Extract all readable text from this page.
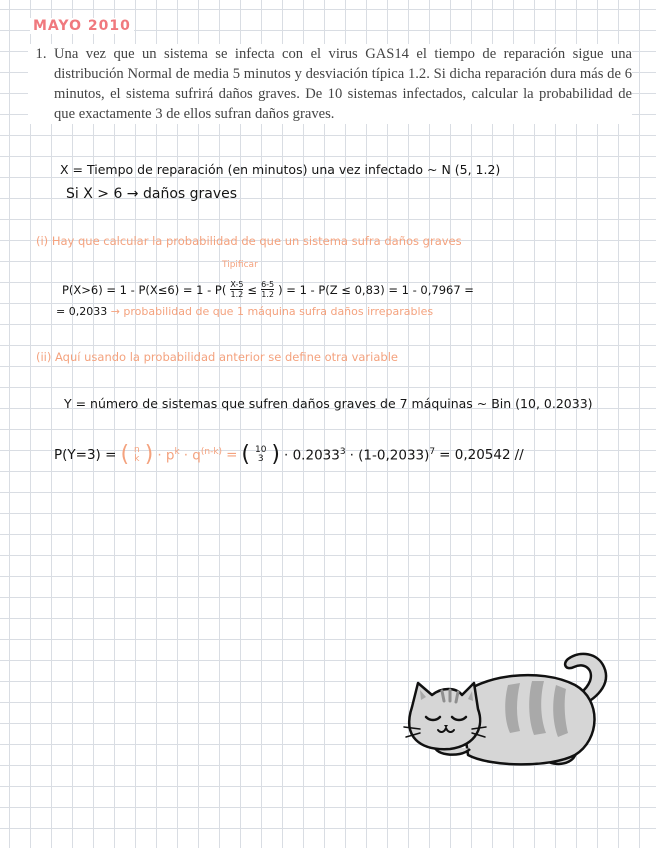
MAYO 2010
1. Una vez que un sistema se infecta con el virus GAS14 el tiempo de reparación sigue una distribución Normal de media 5 minutos y desviación típica 1.2. Si dicha reparación dura más de 6 minutos, el sistema sufrirá daños graves. De 10 sistemas infectados, calcular la probabilidad de que exactamente 3 de ellos sufran daños graves.
X = Tiempo de reparación (en minutos) una vez infectado ~ N (5, 1.2)
Si X > 6 → daños graves
(i) Hay que calcular la probabilidad de que un sistema sufra daños graves
Tipificar
$P(X>6) = 1 - P(X\le 6) = 1 - P( \frac{X-5}{1.2} \le \frac{6-5}{1.2}$ ) = 1 - P(Z ≤ 0,83) = 1 - 0,7967 =
= 0,2033 → probabilidad de que 1 máquina sufra daños irreparables
(ii) Aquí usando la probabilidad anterior se define otra variable
Y = número de sistemas que sufren daños graves de 7 máquinas ~ Bin (10, 0.2033)
P(Y=3) = ( n
k ) · $p^k \cdot q^{(n-k)}$ = ( 10
3 ) · $0.2033^3 \cdot (1-0,2033)^7 = 0,20542$ //
